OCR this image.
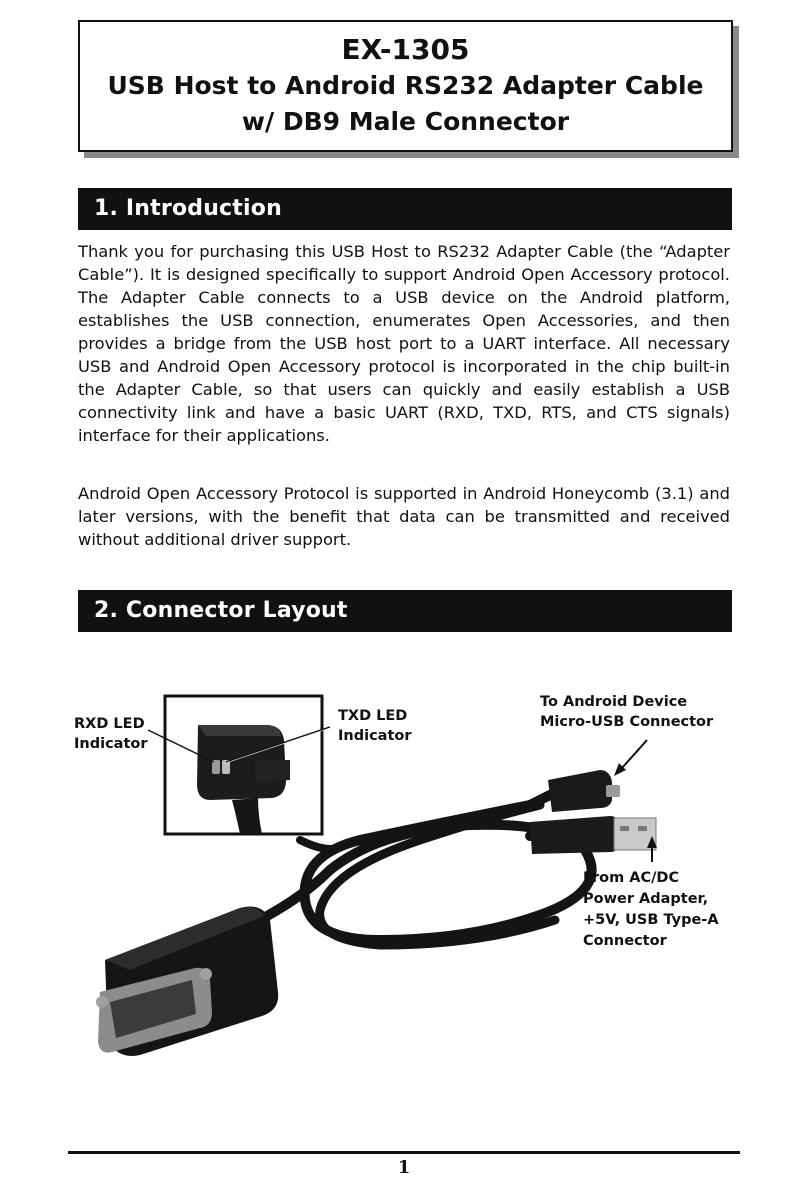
EX-1305
USB Host to Android RS232 Adapter Cable
w/ DB9 Male Connector
1. Introduction

Thank you for purchasing this USB Host to RS232 Adapter Cable (the “Adapter Cable”). It is designed specifically to support Android Open Accessory protocol. The Adapter Cable connects to a USB device on the Android platform, establishes the USB connection, enumerates Open Accessories, and then provides a bridge from the USB host port to a UART interface. All necessary USB and Android Open Accessory protocol is incorporated in the chip built-in the Adapter Cable, so that users can quickly and easily establish a USB connectivity link and have a basic UART (RXD, TXD, RTS, and CTS signals) interface for their applications.

Android Open Accessory Protocol is supported in Android Honeycomb (3.1) and later versions, with the benefit that data can be transmitted and received without additional driver support.

2. Connector Layout
RXD LED
Indicator
TXD LED
Indicator
To Android Device
Micro-USB Connector
From AC/DC
Power Adapter,
+5V, USB Type-A
Connector
1
